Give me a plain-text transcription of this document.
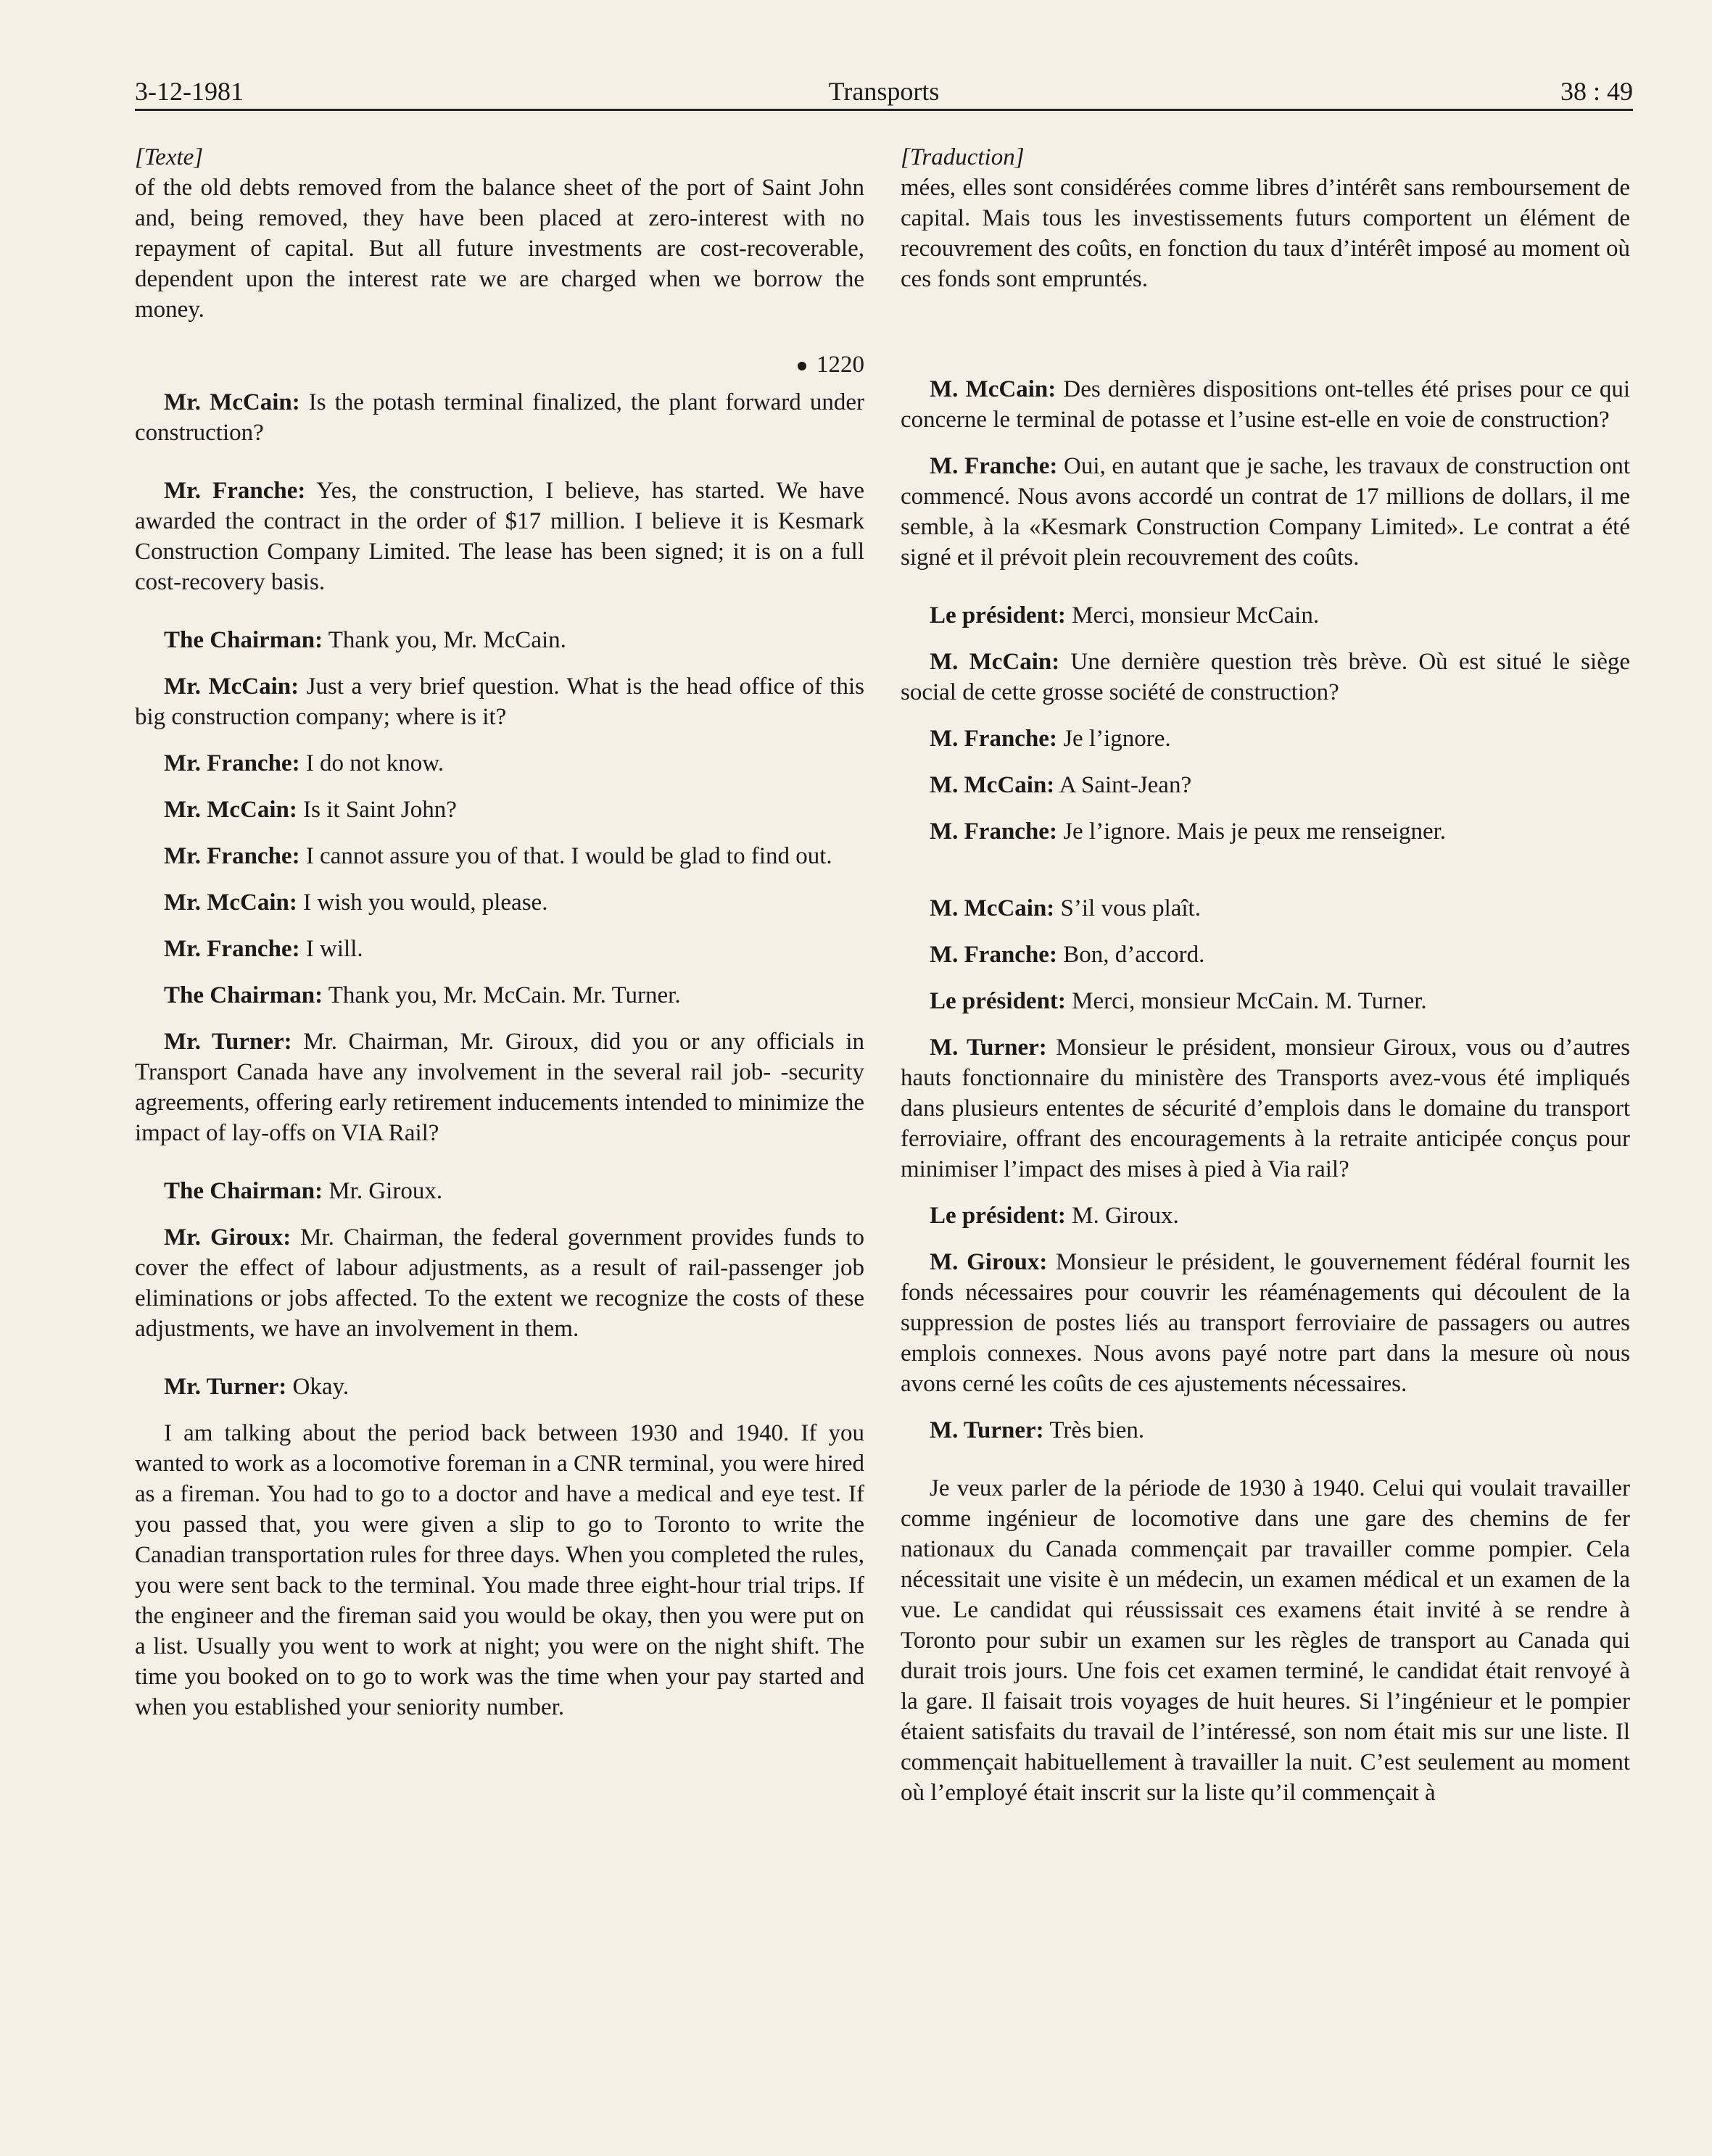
3-12-1981	Transports	38 : 49

[Texte]

of the old debts removed from the balance sheet of the port of Saint John and, being removed, they have been placed at zero-interest with no repayment of capital. But all future investments are cost-recoverable, dependent upon the interest rate we are charged when we borrow the money.

1220

Mr. McCain: Is the potash terminal finalized, the plant forward under construction?

Mr. Franche: Yes, the construction, I believe, has started. We have awarded the contract in the order of $17 million. I believe it is Kesmark Construction Company Limited. The lease has been signed; it is on a full cost-recovery basis.

The Chairman: Thank you, Mr. McCain.

Mr. McCain: Just a very brief question. What is the head office of this big construction company; where is it?

Mr. Franche: I do not know.

Mr. McCain: Is it Saint John?

Mr. Franche: I cannot assure you of that. I would be glad to find out.

Mr. McCain: I wish you would, please.

Mr. Franche: I will.

The Chairman: Thank you, Mr. McCain. Mr. Turner.

Mr. Turner: Mr. Chairman, Mr. Giroux, did you or any officials in Transport Canada have any involvement in the several rail job- -security agreements, offering early retirement inducements intended to minimize the impact of lay-offs on VIA Rail?

The Chairman: Mr. Giroux.

Mr. Giroux: Mr. Chairman, the federal government provides funds to cover the effect of labour adjustments, as a result of rail-passenger job eliminations or jobs affected. To the extent we recognize the costs of these adjustments, we have an involvement in them.

Mr. Turner: Okay.

I am talking about the period back between 1930 and 1940. If you wanted to work as a locomotive foreman in a CNR terminal, you were hired as a fireman. You had to go to a doctor and have a medical and eye test. If you passed that, you were given a slip to go to Toronto to write the Canadian transportation rules for three days. When you completed the rules, you were sent back to the terminal. You made three eight-hour trial trips. If the engineer and the fireman said you would be okay, then you were put on a list. Usually you went to work at night; you were on the night shift. The time you booked on to go to work was the time when your pay started and when you established your seniority number.

[Traduction]

mées, elles sont considérées comme libres d’intérêt sans remboursement de capital. Mais tous les investissements futurs comportent un élément de recouvrement des coûts, en fonction du taux d’intérêt imposé au moment où ces fonds sont empruntés.

M. McCain: Des dernières dispositions ont-telles été prises pour ce qui concerne le terminal de potasse et l’usine est-elle en voie de construction?

M. Franche: Oui, en autant que je sache, les travaux de construction ont commencé. Nous avons accordé un contrat de 17 millions de dollars, il me semble, à la «Kesmark Construction Company Limited». Le contrat a été signé et il prévoit plein recouvrement des coûts.

Le président: Merci, monsieur McCain.

M. McCain: Une dernière question très brève. Où est situé le siège social de cette grosse société de construction?

M. Franche: Je l’ignore.

M. McCain: A Saint-Jean?

M. Franche: Je l’ignore. Mais je peux me renseigner.

M. McCain: S’il vous plaît.

M. Franche: Bon, d’accord.

Le président: Merci, monsieur McCain. M. Turner.

M. Turner: Monsieur le président, monsieur Giroux, vous ou d’autres hauts fonctionnaire du ministère des Transports avez-vous été impliqués dans plusieurs ententes de sécurité d’emplois dans le domaine du transport ferroviaire, offrant des encouragements à la retraite anticipée conçus pour minimiser l’impact des mises à pied à Via rail?

Le président: M. Giroux.

M. Giroux: Monsieur le président, le gouvernement fédéral fournit les fonds nécessaires pour couvrir les réaménagements qui découlent de la suppression de postes liés au transport ferroviaire de passagers ou autres emplois connexes. Nous avons payé notre part dans la mesure où nous avons cerné les coûts de ces ajustements nécessaires.

M. Turner: Très bien.

Je veux parler de la période de 1930 à 1940. Celui qui voulait travailler comme ingénieur de locomotive dans une gare des chemins de fer nationaux du Canada commençait par travailler comme pompier. Cela nécessitait une visite è un médecin, un examen médical et un examen de la vue. Le candidat qui réussissait ces examens était invité à se rendre à Toronto pour subir un examen sur les règles de transport au Canada qui durait trois jours. Une fois cet examen terminé, le candidat était renvoyé à la gare. Il faisait trois voyages de huit heures. Si l’ingénieur et le pompier étaient satisfaits du travail de l’intéressé, son nom était mis sur une liste. Il commençait habituellement à travailler la nuit. C’est seulement au moment où l’employé était inscrit sur la liste qu’il commençait à
